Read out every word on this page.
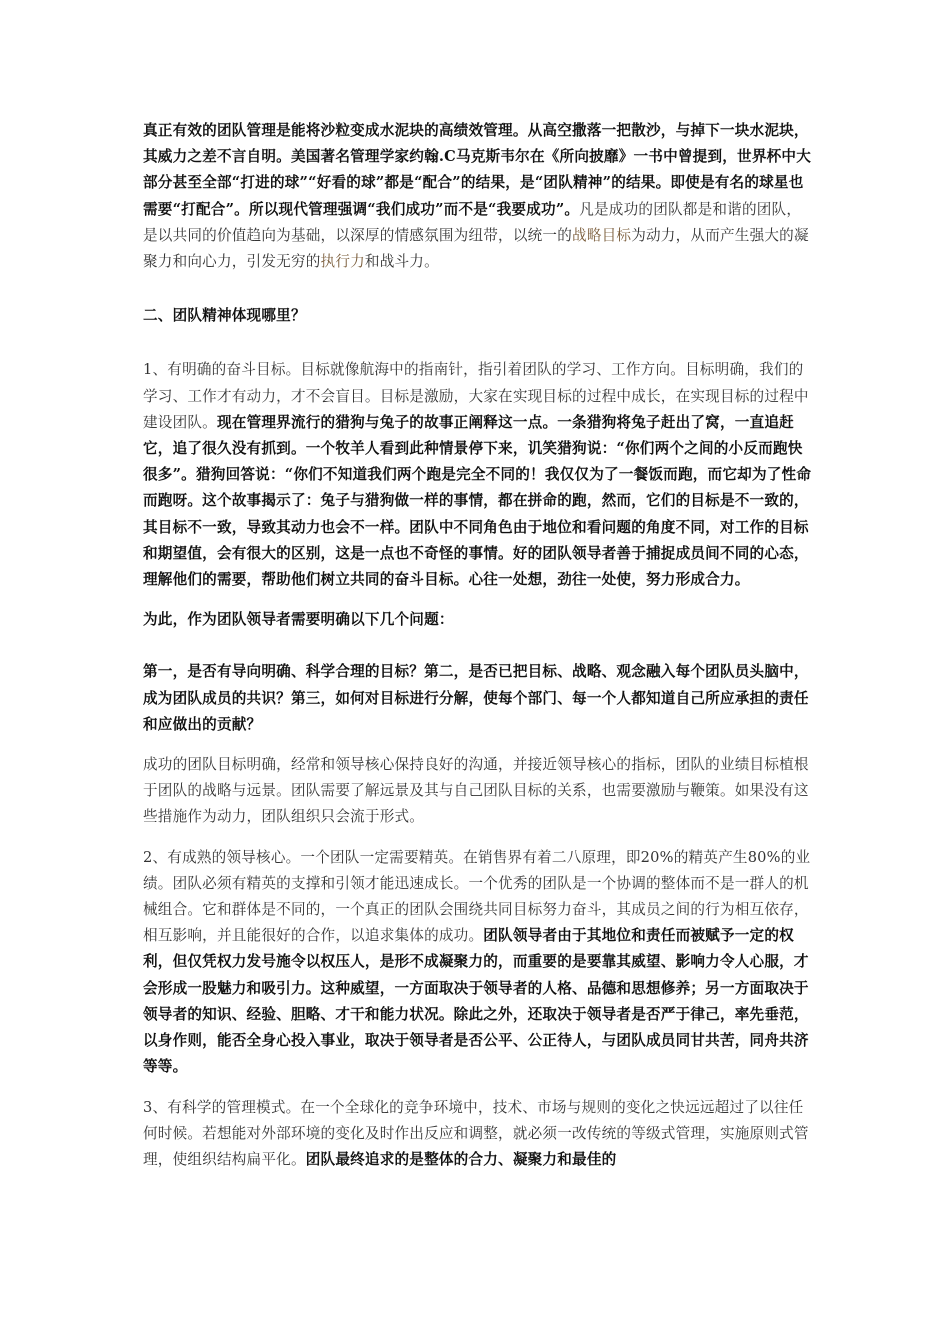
真正有效的团队管理是能将沙粒变成水泥块的高绩效管理。从高空撒落一把散沙，与掉下一块水泥块，其威力之差不言自明。美国著名管理学家约翰.C马克斯韦尔在《所向披靡》一书中曾提到，世界杯中大部分甚至全部“打进的球”“好看的球”都是“配合”的结果，是“团队精神”的结果。即使是有名的球星也需要“打配合”。所以现代管理强调“我们成功”而不是“我要成功”。凡是成功的团队都是和谐的团队，是以共同的价值趋向为基础，以深厚的情感氛围为纽带，以统一的战略目标为动力，从而产生强大的凝聚力和向心力，引发无穷的执行力和战斗力。

二、团队精神体现哪里？

1、有明确的奋斗目标。目标就像航海中的指南针，指引着团队的学习、工作方向。目标明确，我们的学习、工作才有动力，才不会盲目。目标是激励，大家在实现目标的过程中成长，在实现目标的过程中建设团队。现在管理界流行的猎狗与兔子的故事正阐释这一点。一条猎狗将兔子赶出了窝，一直追赶它，追了很久没有抓到。一个牧羊人看到此种情景停下来，讥笑猎狗说：“你们两个之间的小反而跑快很多”。猎狗回答说：“你们不知道我们两个跑是完全不同的！我仅仅为了一餐饭而跑，而它却为了性命而跑呀。这个故事揭示了：兔子与猎狗做一样的事情，都在拼命的跑，然而，它们的目标是不一致的，其目标不一致，导致其动力也会不一样。团队中不同角色由于地位和看问题的角度不同，对工作的目标和期望值，会有很大的区别，这是一点也不奇怪的事情。好的团队领导者善于捕捉成员间不同的心态，理解他们的需要，帮助他们树立共同的奋斗目标。心往一处想，劲往一处使，努力形成合力。

为此，作为团队领导者需要明确以下几个问题：

第一，是否有导向明确、科学合理的目标？第二，是否已把目标、战略、观念融入每个团队员头脑中，成为团队成员的共识？第三，如何对目标进行分解，使每个部门、每一个人都知道自己所应承担的责任和应做出的贡献？

成功的团队目标明确，经常和领导核心保持良好的沟通，并接近领导核心的指标，团队的业绩目标植根于团队的战略与远景。团队需要了解远景及其与自己团队目标的关系，也需要激励与鞭策。如果没有这些措施作为动力，团队组织只会流于形式。

2、有成熟的领导核心。一个团队一定需要精英。在销售界有着二八原理，即20%的精英产生80%的业绩。团队必须有精英的支撑和引领才能迅速成长。一个优秀的团队是一个协调的整体而不是一群人的机械组合。它和群体是不同的，一个真正的团队会围绕共同目标努力奋斗，其成员之间的行为相互依存，相互影响，并且能很好的合作，以追求集体的成功。团队领导者由于其地位和责任而被赋予一定的权利，但仅凭权力发号施令以权压人，是形不成凝聚力的，而重要的是要靠其威望、影响力令人心服，才会形成一股魅力和吸引力。这种威望，一方面取决于领导者的人格、品德和思想修养；另一方面取决于领导者的知识、经验、胆略、才干和能力状况。除此之外，还取决于领导者是否严于律己，率先垂范，以身作则，能否全身心投入事业，取决于领导者是否公平、公正待人，与团队成员同甘共苦，同舟共济等等。

3、有科学的管理模式。在一个全球化的竞争环境中，技术、市场与规则的变化之快远远超过了以往任何时候。若想能对外部环境的变化及时作出反应和调整，就必须一改传统的等级式管理，实施原则式管理，使组织结构扁平化。团队最终追求的是整体的合力、凝聚力和最佳的
